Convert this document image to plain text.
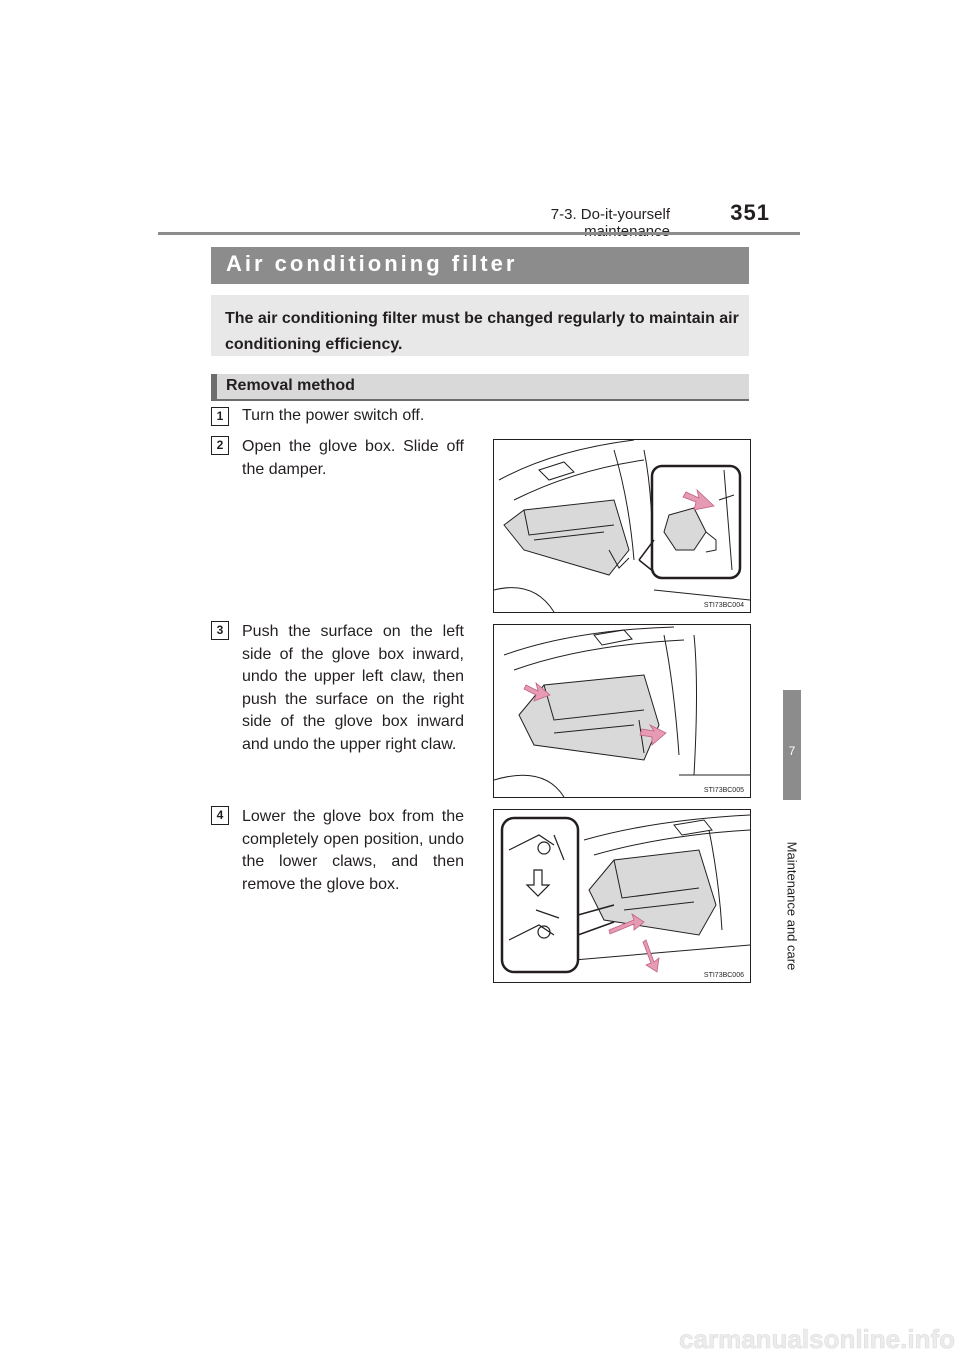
7-3. Do-it-yourself	351
7
Maintenance and care
Air conditioning filter
The air conditioning filter must be changed regularly to maintain air conditioning efficiency.
Removal method
1	Turn the power switch off.
2	Open the glove box. Slide off the damper.
STI73BC004
3	Push the surface on the left side of the glove box inward, undo the upper left claw, then push the surface on the right side of the glove box inward and undo the upper right claw.
STI73BC005
4	Lower the glove box from the completely open position, undo the lower claws, and then remove the glove box.
STI73BC006
carmanualsonline.info
